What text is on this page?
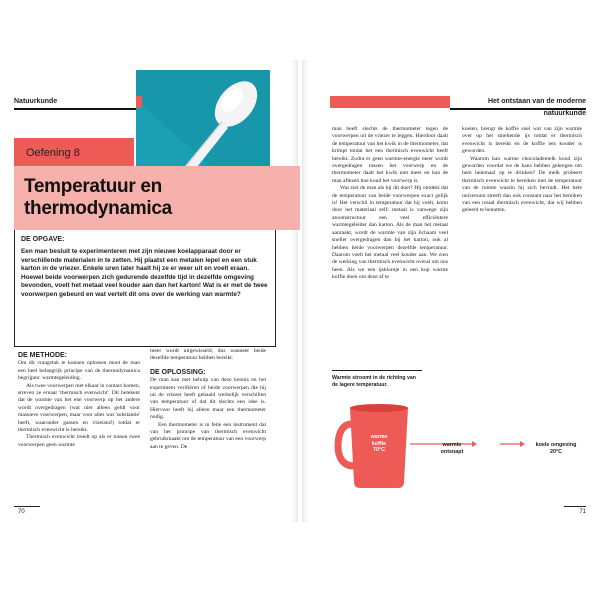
Natuurkunde
Oefening 8
Temperatuur en
thermodynamica
DE OPGAVE:
Een man besluit te experimenteren met zijn nieuwe koelapparaat door er verschillende materialen in te zetten. Hij plaatst een metalen lepel en een stuk karton in de vriezer. Enkele uren later haalt hij ze er weer uit en voelt eraan. Hoewel beide voorwerpen zich gedurende dezelfde tijd in dezelfde omgeving bevonden, voelt het metaal veel kouder aan dan het karton! Wat is er met de twee voorwerpen gebeurd en wat vertelt dit ons over de werking van warmte?
DE METHODE:

Om dit vraagstuk te kunnen oplossen moet de man een heel belangrijk principe van de thermodynamica begrijpen: warmtegeleiding.

Als twee voorwerpen met elkaar in contact komen, streven ze ernaar 'thermisch evenwicht'. Dit betekent dat de warmte van het ene voorwerp op het andere wordt overgedragen (wat niet alleen geldt voor massieve voorwerpen, maar voor alles wat 'substantie' heeft, waaronder gassen en vloeistof) totdat er thermisch evenwicht is bereikt.

Thermisch evenwicht treedt op als er tussen twee voorwerpen geen warmte

meer wordt uitgewisseld, dus wanneer beide dezelfde temperatuur hebben bereikt.

DE OPLOSSING:

De man kan met behulp van deze kennis en het experiment verifiëren of beide voorwerpen die hij uit de vriezer heeft gehaald werkelijk verschillen van temperatuur of dat dit slechts een idee is. Hiervoor heeft hij alleen maar een thermometer nodig.

Een thermometer is in feite een instrument dat van het principe van thermisch evenwicht gebruikmaakt om de temperatuur van een voorwerp aan te geven. De

70
Het ontstaan van de moderne natuurkunde

man heeft slechts de thermometer tegen de voorwerpen uit de vriezer te leggen. Hierdoor daalt de temperatuur van het kwik in de thermometer, dat krimpt totdat het een thermisch evenwicht heeft bereikt. Zodra er geen warmte-energie meer wordt overgedragen tussen het voorwerp en de thermometer daalt het kwik niet meer en kan de man aflezen hoe koud het voorwerp is.

Wat ziet de man als hij dit doet? Hij ontdekt dat de temperatuur van beide voorwerpen exact gelijk is! Het verschil in temperatuur dat hij voelt, komt door het materiaal zelf: metaal is vanwege zijn atoomstructuur een veel efficiëntere warmtegeleider dan karton. Als de man het metaal aanraakt, wordt de warmte van zijn lichaam veel sneller overgedragen dan bij het karton, ook al hebben beide voorwerpen dezelfde temperatuur. Daarom voelt het metaal veel kouder aan. We zien de werking van thermisch evenwicht overal om ons heen. Als we een ijsklontje in een kop warme koffie doen om deze af te

koelen, brengt de koffie snel wat van zijn warmte over op het smeltende ijs totdat er thermisch evenwicht is bereikt en de koffie iets kouder is geworden.

Waarom kan warme chocolademelk koud zijn geworden voordat we de kans hebben gekregen om hem helemaal op te drinken? De melk probeert thermisch evenwicht te bereiken met de temperatuur van de ruimte waarin hij zich bevindt. Het hele universum streeft dan ook constant naar het bereiken van een totaal thermisch evenwicht, dat wij hebben geleerd te benutten.

Warmte stroomt in de richting van de lagere temperatuur.
warme
koffie
70°C
warmte
ontsnapt
koele omgeving
20°C
71
